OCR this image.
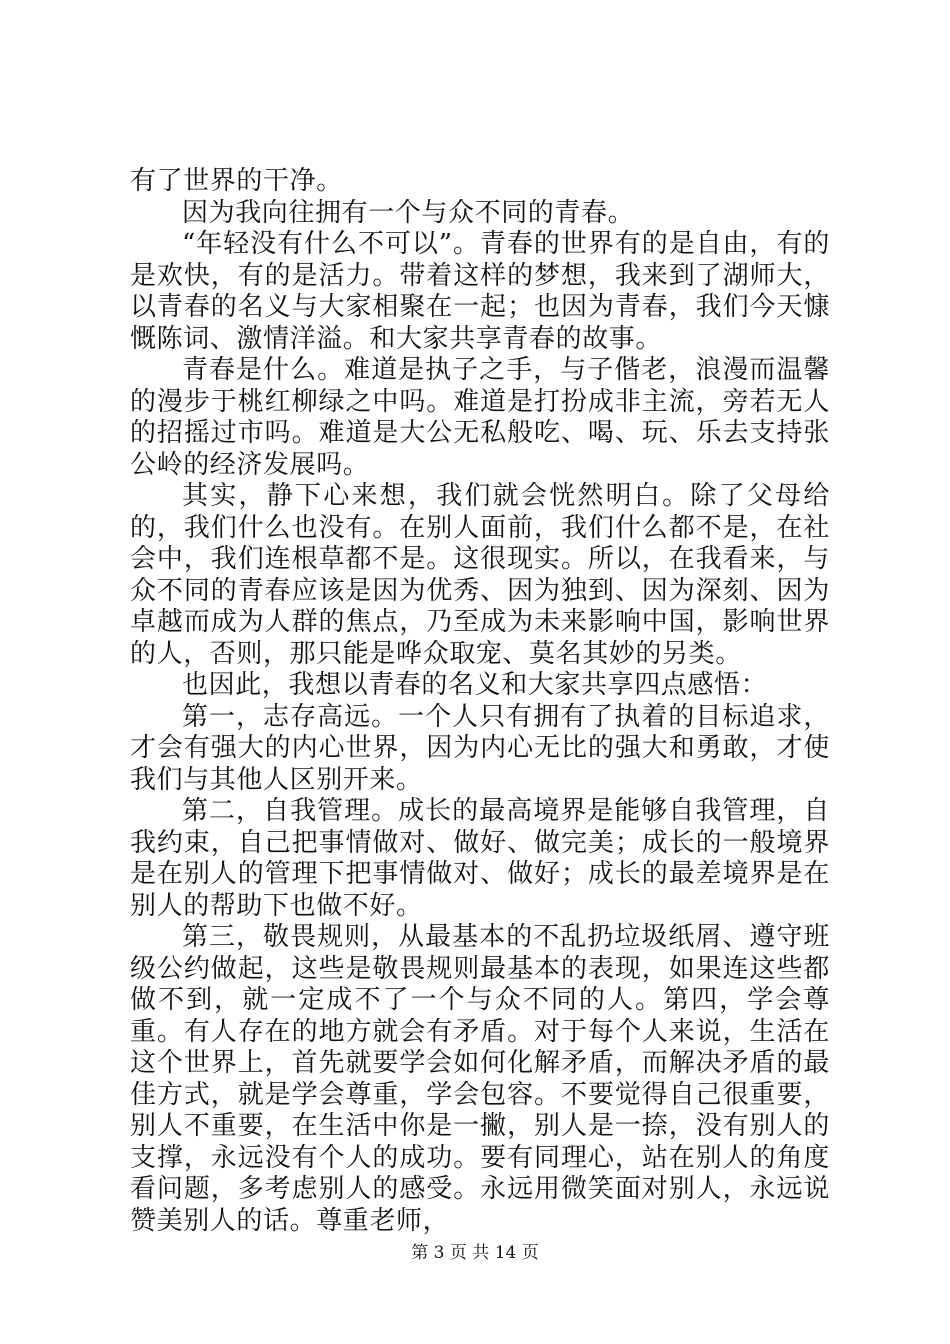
有了世界的干净。

因为我向往拥有一个与众不同的青春。

“年轻没有什么不可以”。青春的世界有的是自由，有的是欢快，有的是活力。带着这样的梦想，我来到了湖师大，以青春的名义与大家相聚在一起；也因为青春，我们今天慷慨陈词、激情洋溢。和大家共享青春的故事。

青春是什么。难道是执子之手，与子偕老，浪漫而温馨的漫步于桃红柳绿之中吗。难道是打扮成非主流，旁若无人的招摇过市吗。难道是大公无私般吃、喝、玩、乐去支持张公岭的经济发展吗。

其实，静下心来想，我们就会恍然明白。除了父母给的，我们什么也没有。在别人面前，我们什么都不是，在社会中，我们连根草都不是。这很现实。所以，在我看来，与众不同的青春应该是因为优秀、因为独到、因为深刻、因为卓越而成为人群的焦点，乃至成为未来影响中国，影响世界的人，否则，那只能是哗众取宠、莫名其妙的另类。

也因此，我想以青春的名义和大家共享四点感悟：

第一，志存高远。一个人只有拥有了执着的目标追求，才会有强大的内心世界，因为内心无比的强大和勇敢，才使我们与其他人区别开来。

第二，自我管理。成长的最高境界是能够自我管理，自我约束，自己把事情做对、做好、做完美；成长的一般境界是在别人的管理下把事情做对、做好；成长的最差境界是在别人的帮助下也做不好。

第三，敬畏规则，从最基本的不乱扔垃圾纸屑、遵守班级公约做起，这些是敬畏规则最基本的表现，如果连这些都做不到，就一定成不了一个与众不同的人。第四，学会尊重。有人存在的地方就会有矛盾。对于每个人来说，生活在这个世界上，首先就要学会如何化解矛盾，而解决矛盾的最佳方式，就是学会尊重，学会包容。不要觉得自己很重要，别人不重要，在生活中你是一撇，别人是一捺，没有别人的支撑，永远没有个人的成功。要有同理心，站在别人的角度看问题，多考虑别人的感受。永远用微笑面对别人，永远说赞美别人的话。尊重老师，

第 3 页 共 14 页
